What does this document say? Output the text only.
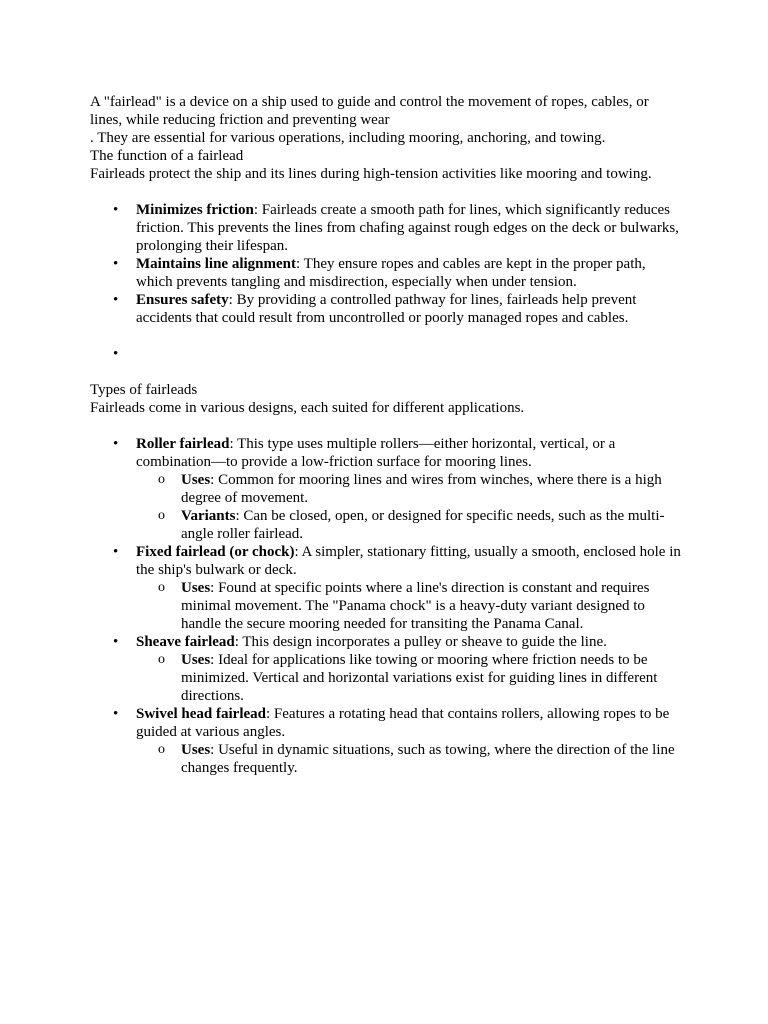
A "fairlead" is a device on a ship used to guide and control the movement of ropes, cables, or lines, while reducing friction and preventing wear
. They are essential for various operations, including mooring, anchoring, and towing.

The function of a fairlead

Fairleads protect the ship and its lines during high-tension activities like mooring and towing.

•
Minimizes friction: Fairleads create a smooth path for lines, which significantly reduces friction. This prevents the lines from chafing against rough edges on the deck or bulwarks, prolonging their lifespan.
•
Maintains line alignment: They ensure ropes and cables are kept in the proper path, which prevents tangling and misdirection, especially when under tension.
•
Ensures safety: By providing a controlled pathway for lines, fairleads help prevent accidents that could result from uncontrolled or poorly managed ropes and cables.
•

Types of fairleads

Fairleads come in various designs, each suited for different applications.

•
Roller fairlead: This type uses multiple rollers—either horizontal, vertical, or a combination—to provide a low-friction surface for mooring lines.
o Uses: Common for mooring lines and wires from winches, where there is a high degree of movement.
o Variants: Can be closed, open, or designed for specific needs, such as the multi-angle roller fairlead.
•
Fixed fairlead (or chock): A simpler, stationary fitting, usually a smooth, enclosed hole in the ship's bulwark or deck.
o Uses: Found at specific points where a line's direction is constant and requires minimal movement. The "Panama chock" is a heavy-duty variant designed to handle the secure mooring needed for transiting the Panama Canal.
•
Sheave fairlead: This design incorporates a pulley or sheave to guide the line.
o Uses: Ideal for applications like towing or mooring where friction needs to be minimized. Vertical and horizontal variations exist for guiding lines in different directions.
•
Swivel head fairlead: Features a rotating head that contains rollers, allowing ropes to be guided at various angles.
o Uses: Useful in dynamic situations, such as towing, where the direction of the line changes frequently.
